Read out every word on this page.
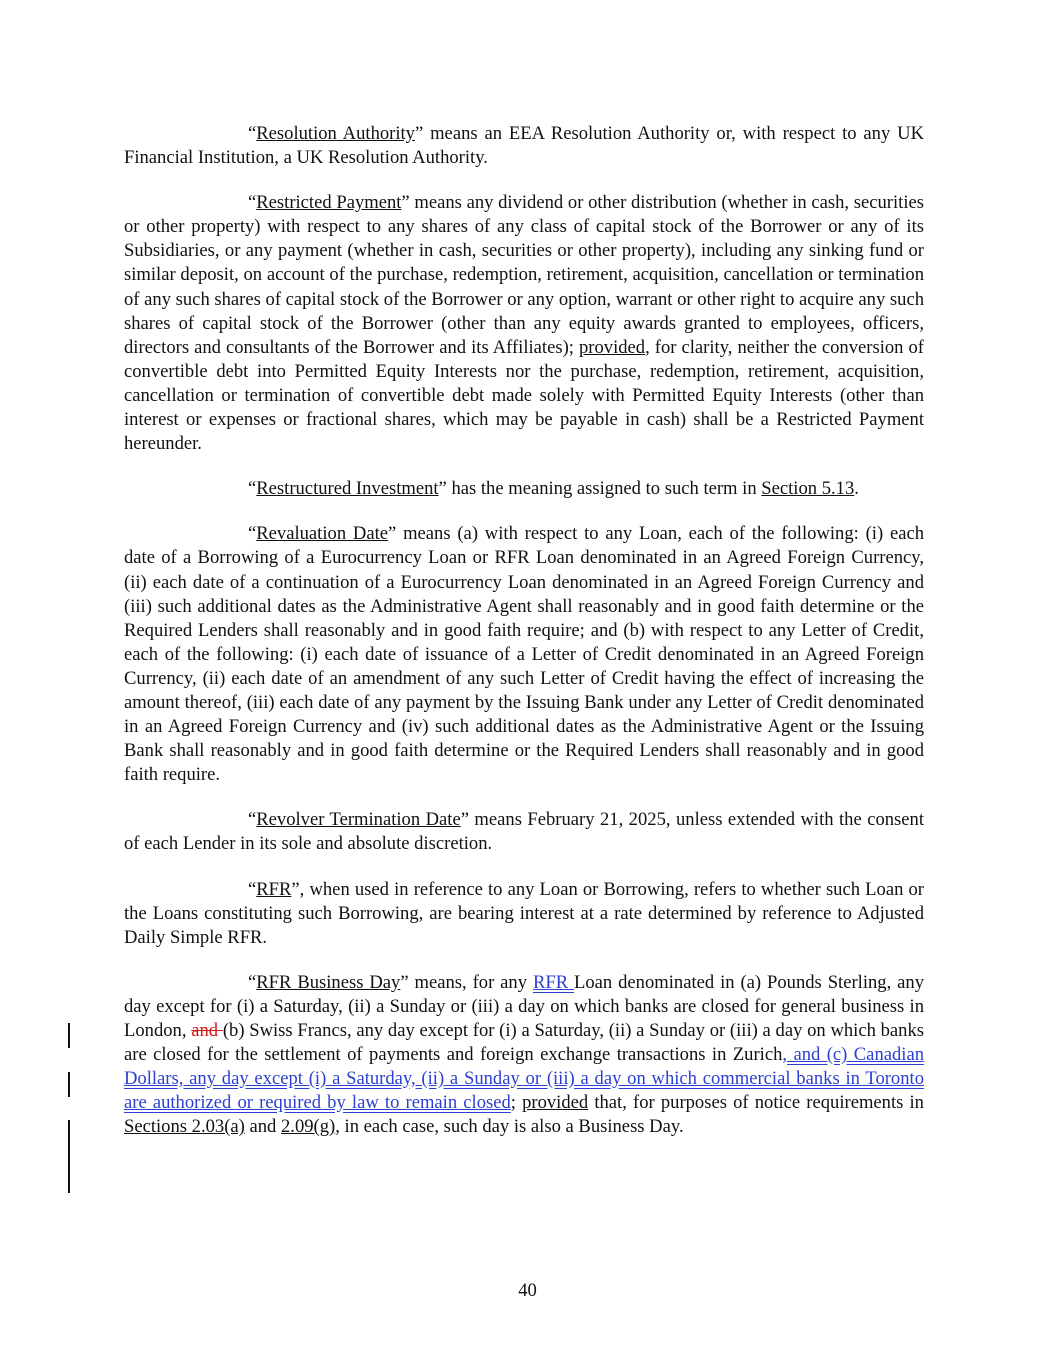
“Resolution Authority” means an EEA Resolution Authority or, with respect to any UK Financial Institution, a UK Resolution Authority.

“Restricted Payment” means any dividend or other distribution (whether in cash, securities or other property) with respect to any shares of any class of capital stock of the Borrower or any of its Subsidiaries, or any payment (whether in cash, securities or other property), including any sinking fund or similar deposit, on account of the purchase, redemption, retirement, acquisition, cancellation or termination of any such shares of capital stock of the Borrower or any option, warrant or other right to acquire any such shares of capital stock of the Borrower (other than any equity awards granted to employees, officers, directors and consultants of the Borrower and its Affiliates); provided, for clarity, neither the conversion of convertible debt into Permitted Equity Interests nor the purchase, redemption, retirement, acquisition, cancellation or termination of convertible debt made solely with Permitted Equity Interests (other than interest or expenses or fractional shares, which may be payable in cash) shall be a Restricted Payment hereunder.

“Restructured Investment” has the meaning assigned to such term in Section 5.13.

“Revaluation Date” means (a) with respect to any Loan, each of the following: (i) each date of a Borrowing of a Eurocurrency Loan or RFR Loan denominated in an Agreed Foreign Currency, (ii) each date of a continuation of a Eurocurrency Loan denominated in an Agreed Foreign Currency and (iii) such additional dates as the Administrative Agent shall reasonably and in good faith determine or the Required Lenders shall reasonably and in good faith require; and (b) with respect to any Letter of Credit, each of the following: (i) each date of issuance of a Letter of Credit denominated in an Agreed Foreign Currency, (ii) each date of an amendment of any such Letter of Credit having the effect of increasing the amount thereof, (iii) each date of any payment by the Issuing Bank under any Letter of Credit denominated in an Agreed Foreign Currency and (iv) such additional dates as the Administrative Agent or the Issuing Bank shall reasonably and in good faith determine or the Required Lenders shall reasonably and in good faith require.

“Revolver Termination Date” means February 21, 2025, unless extended with the consent of each Lender in its sole and absolute discretion.

“RFR”, when used in reference to any Loan or Borrowing, refers to whether such Loan or the Loans constituting such Borrowing, are bearing interest at a rate determined by reference to Adjusted Daily Simple RFR.

“RFR Business Day” means, for any RFR Loan denominated in (a) Pounds Sterling, any day except for (i) a Saturday, (ii) a Sunday or (iii) a day on which banks are closed for general business in London, and (b) Swiss Francs, any day except for (i) a Saturday, (ii) a Sunday or (iii) a day on which banks are closed for the settlement of payments and foreign exchange transactions in Zurich, and (c) Canadian Dollars, any day except (i) a Saturday, (ii) a Sunday or (iii) a day on which commercial banks in Toronto are authorized or required by law to remain closed; provided that, for purposes of notice requirements in Sections 2.03(a) and 2.09(g), in each case, such day is also a Business Day.

40
